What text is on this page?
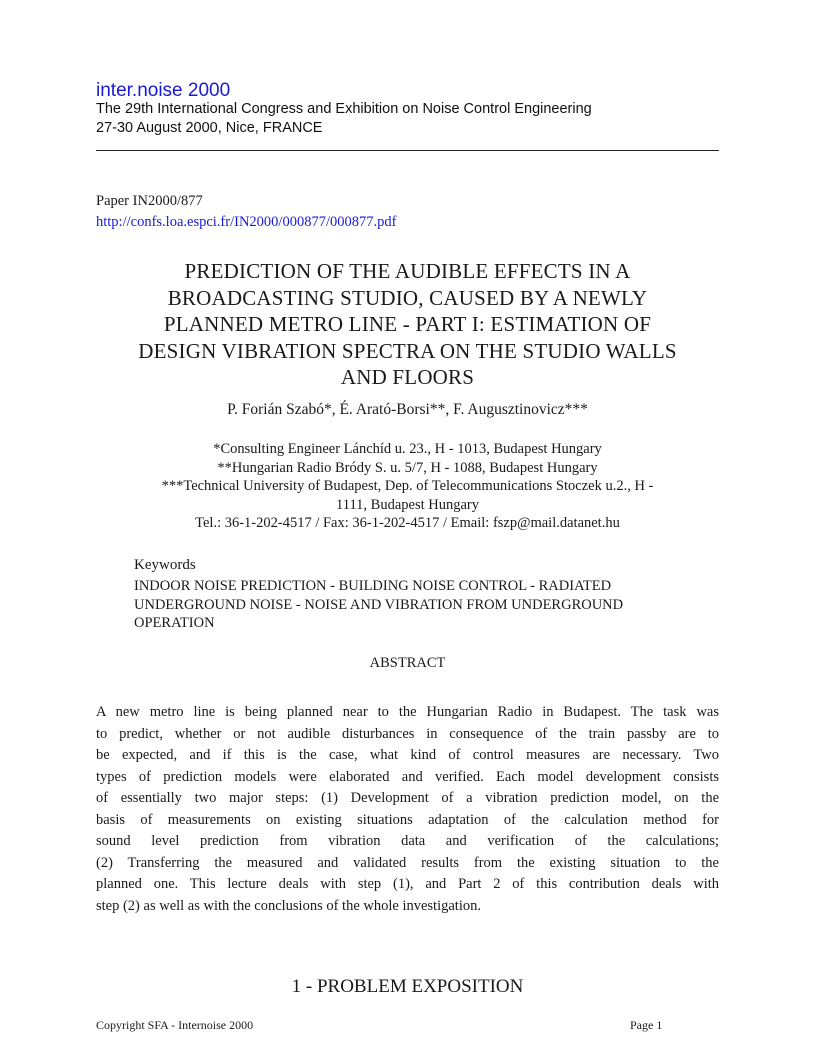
inter.noise 2000
The 29th International Congress and Exhibition on Noise Control Engineering
27-30 August 2000, Nice, FRANCE
Paper IN2000/877
http://confs.loa.espci.fr/IN2000/000877/000877.pdf
PREDICTION OF THE AUDIBLE EFFECTS IN A
BROADCASTING STUDIO, CAUSED BY A NEWLY
PLANNED METRO LINE - PART I: ESTIMATION OF
DESIGN VIBRATION SPECTRA ON THE STUDIO WALLS
AND FLOORS
P. Forián Szabó*, É. Arató-Borsi**, F. Augusztinovicz***
*Consulting Engineer Lánchíd u. 23., H - 1013, Budapest Hungary
**Hungarian Radio Bródy S. u. 5/7, H - 1088, Budapest Hungary
***Technical University of Budapest, Dep. of Telecommunications Stoczek u.2., H -
1111, Budapest Hungary
Tel.: 36-1-202-4517 / Fax: 36-1-202-4517 / Email: fszp@mail.datanet.hu
Keywords
INDOOR NOISE PREDICTION - BUILDING NOISE CONTROL - RADIATED
UNDERGROUND NOISE - NOISE AND VIBRATION FROM UNDERGROUND
OPERATION
ABSTRACT

A new metro line is being planned near to the Hungarian Radio in Budapest. The task was
to predict, whether or not audible disturbances in consequence of the train passby are to
be expected, and if this is the case, what kind of control measures are necessary. Two
types of prediction models were elaborated and verified. Each model development consists
of essentially two major steps: (1) Development of a vibration prediction model, on the
basis of measurements on existing situations adaptation of the calculation method for
sound level prediction from vibration data and verification of the calculations;
(2) Transferring the measured and validated results from the existing situation to the
planned one. This lecture deals with step (1), and Part 2 of this contribution deals with
step (2) as well as with the conclusions of the whole investigation.

1 - PROBLEM EXPOSITION
Copyright SFA - Internoise 2000	Page 1
